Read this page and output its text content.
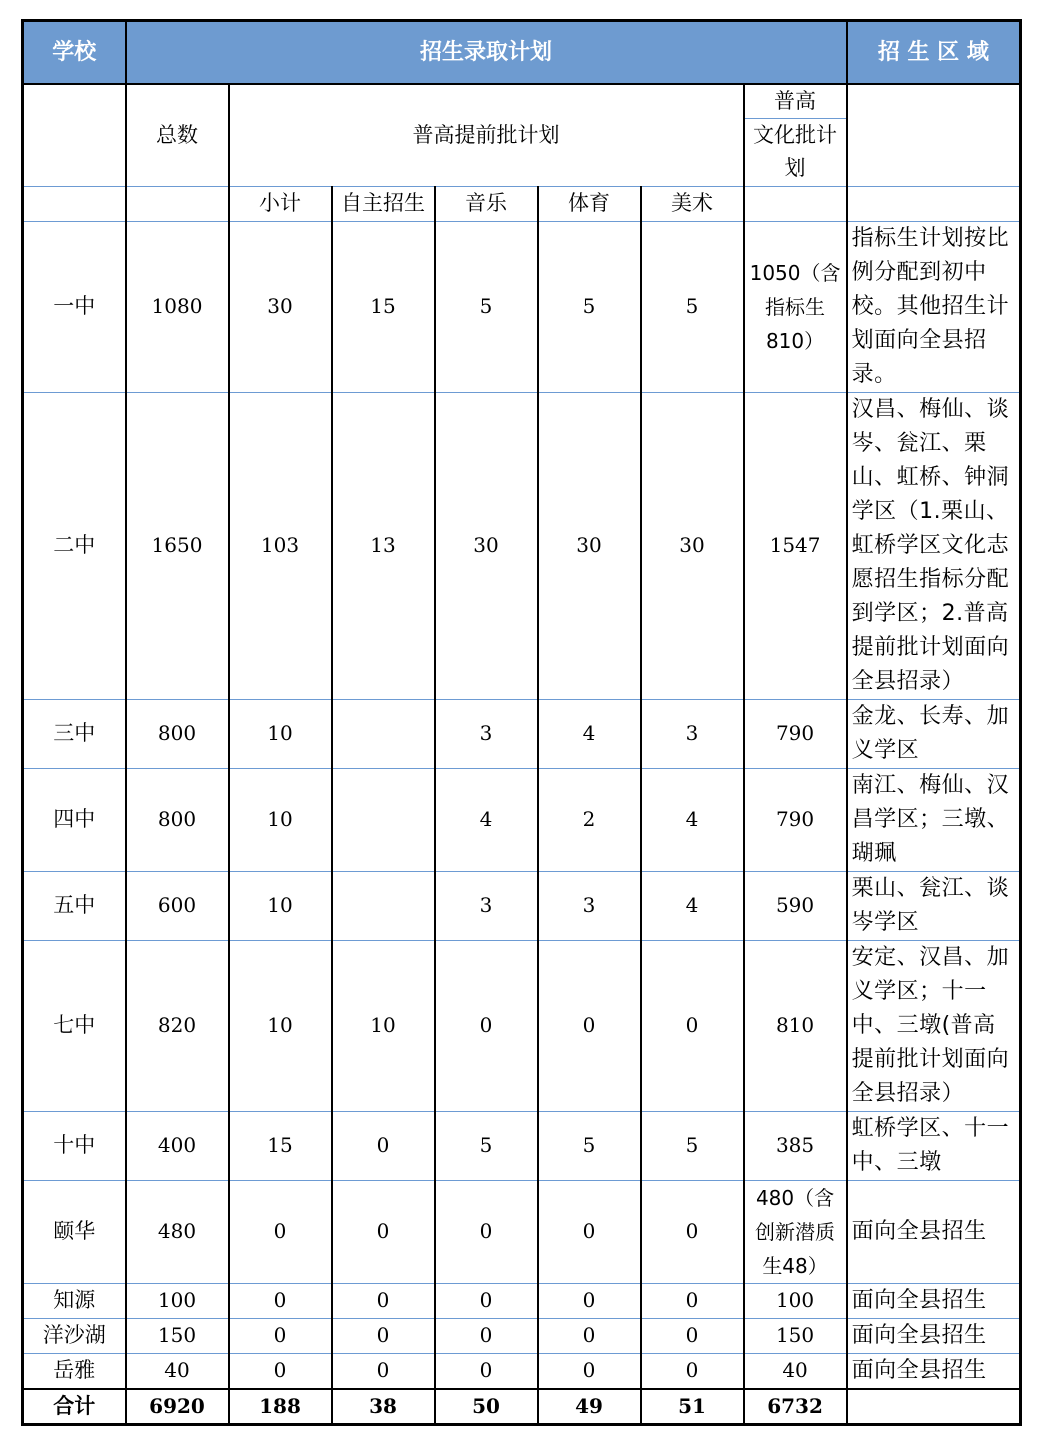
学校	招生录取计划							招 生 区 域
	总数	普高提前批计划					普高	
							文化批计划	

		小计	自主招生	音乐	体育	美术		
一中	1080	30	15	5	5	5	1050（含指标生810）	指标生计划按比例分配到初中校。其他招生计划面向全县招录。
二中	1650	103	13	30	30	30	1547	汉昌、梅仙、谈岑、瓮江、栗山、虹桥、钟洞学区（1.栗山、虹桥学区文化志愿招生指标分配到学区；2.普高提前批计划面向全县招录）
三中	800	10		3	4	3	790	金龙、长寿、加义学区
四中	800	10		4	2	4	790	南江、梅仙、汉昌学区；三墩、瑚珮
五中	600	10		3	3	4	590	栗山、瓮江、谈岑学区
七中	820	10	10	0	0	0	810	安定、汉昌、加义学区；十一中、三墩(普高提前批计划面向全县招录）
十中	400	15	0	5	5	5	385	虹桥学区、十一中、三墩
颐华	480	0	0	0	0	0	480（含创新潜质生48）	面向全县招生
知源	100	0	0	0	0	0	100	面向全县招生
洋沙湖	150	0	0	0	0	0	150	面向全县招生
岳雅	40	0	0	0	0	0	40	面向全县招生
合计	6920	188	38	50	49	51	6732	
